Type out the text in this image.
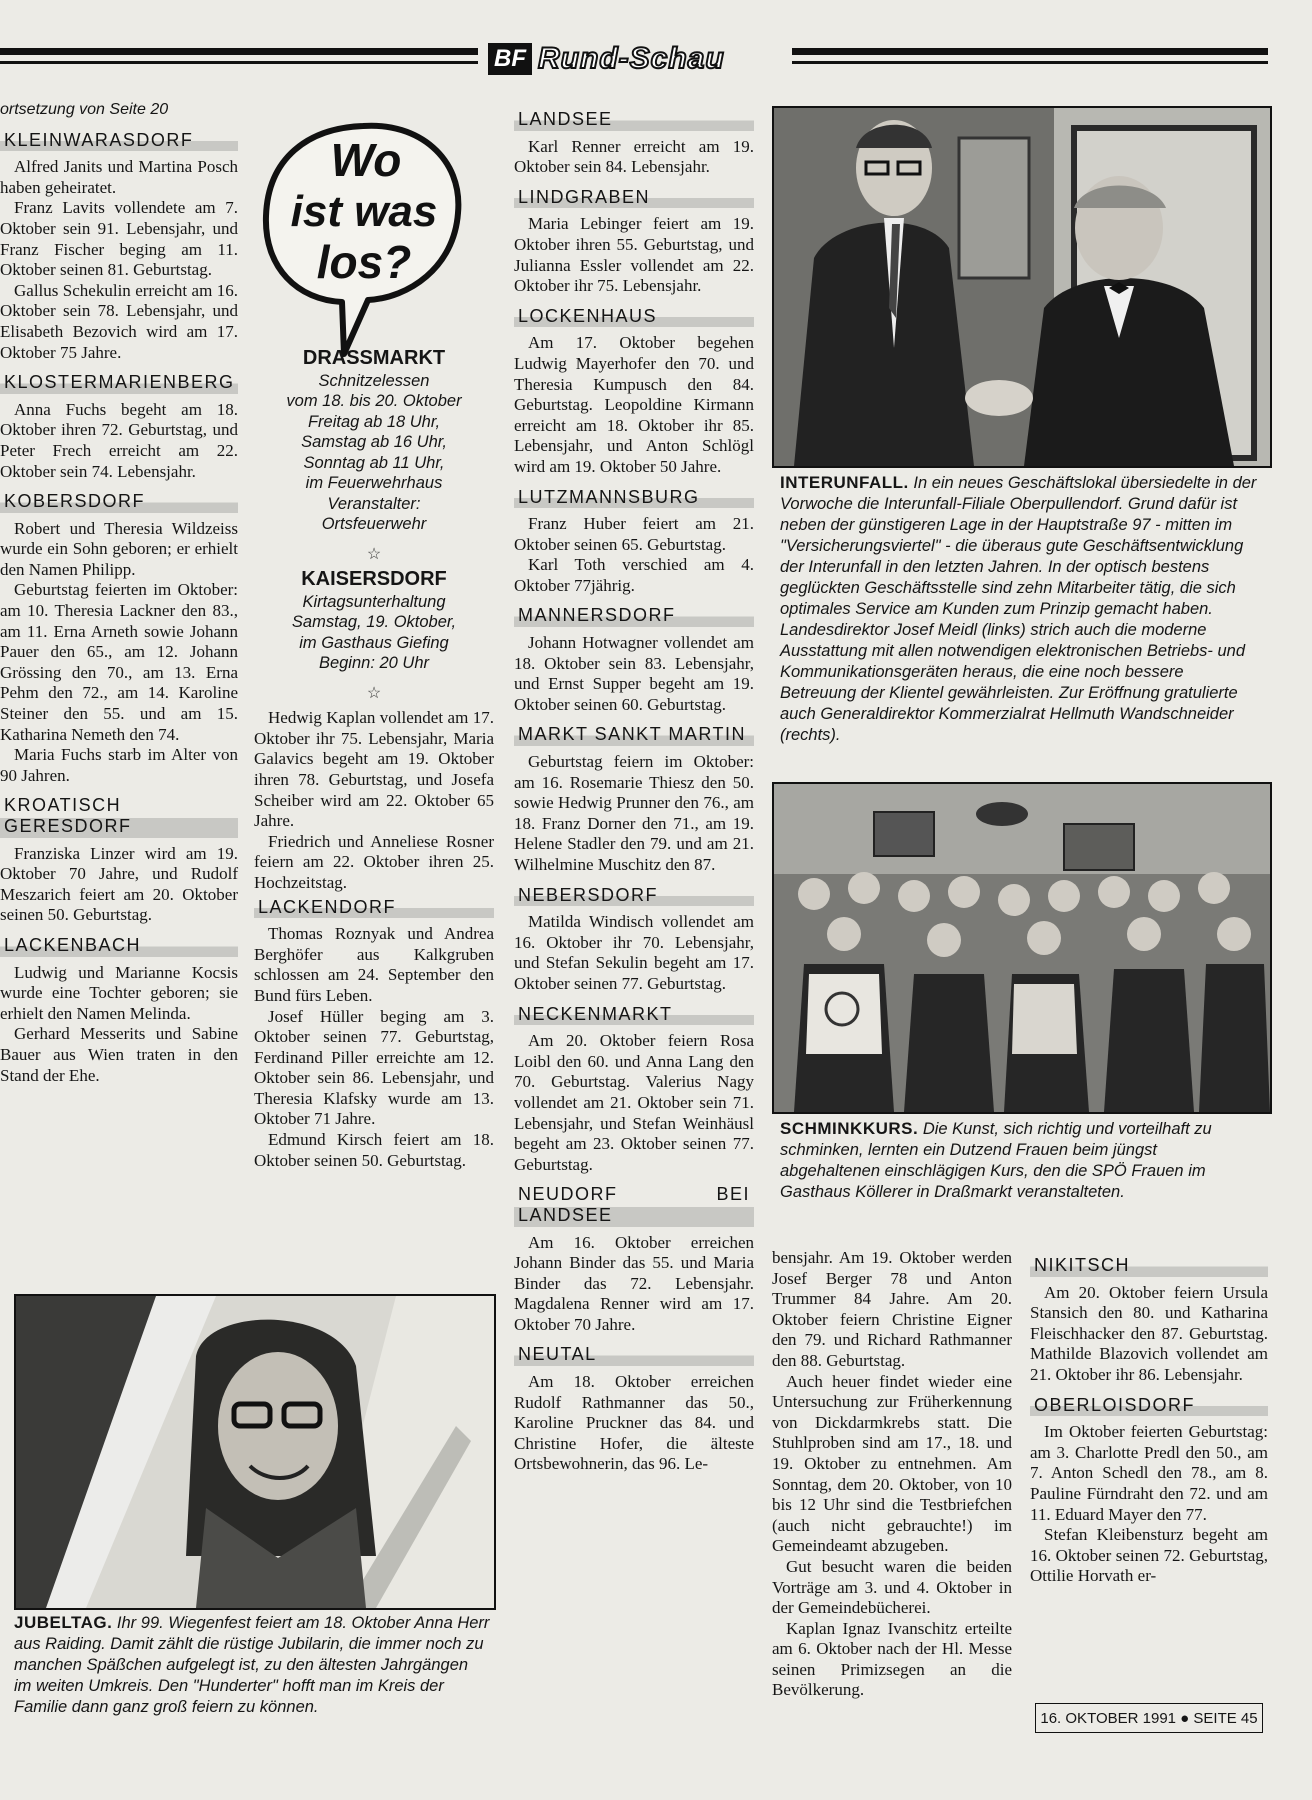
BF Rund-Schau

ortsetzung von Seite 20

KLEINWARASDORF

Alfred Janits und Martina Posch haben geheiratet.

Franz Lavits vollendete am 7. Oktober sein 91. Lebensjahr, und Franz Fischer beging am 11. Oktober seinen 81. Geburtstag.

Gallus Schekulin erreicht am 16. Oktober sein 78. Lebensjahr, und Elisabeth Bezovich wird am 17. Oktober 75 Jahre.

KLOSTERMARIENBERG

Anna Fuchs begeht am 18. Oktober ihren 72. Geburtstag, und Peter Frech erreicht am 22. Oktober sein 74. Lebensjahr.

KOBERSDORF

Robert und Theresia Wildzeiss wurde ein Sohn geboren; er erhielt den Namen Philipp.

Geburtstag feierten im Oktober: am 10. Theresia Lackner den 83., am 11. Erna Arneth sowie Johann Pauer den 65., am 12. Johann Grössing den 70., am 13. Erna Pehm den 72., am 14. Karoline Steiner den 55. und am 15. Katharina Nemeth den 74.

Maria Fuchs starb im Alter von 90 Jahren.

KROATISCH GERESDORF

Franziska Linzer wird am 19. Oktober 70 Jahre, und Rudolf Meszarich feiert am 20. Oktober seinen 50. Geburtstag.

LACKENBACH

Ludwig und Marianne Kocsis wurde eine Tochter geboren; sie erhielt den Namen Melinda.

Gerhard Messerits und Sabine Bauer aus Wien traten in den Stand der Ehe.

Wo
ist was
los?
DRASSMARKT
Schnitzelessen
vom 18. bis 20. Oktober
Freitag ab 18 Uhr,
Samstag ab 16 Uhr,
Sonntag ab 11 Uhr,
im Feuerwehrhaus
Veranstalter:
Ortsfeuerwehr
☆
KAISERSDORF
Kirtagsunterhaltung
Samstag, 19. Oktober,
im Gasthaus Giefing
Beginn: 20 Uhr
☆

Hedwig Kaplan vollendet am 17. Oktober ihr 75. Lebensjahr, Maria Galavics begeht am 19. Oktober ihren 78. Geburtstag, und Josefa Scheiber wird am 22. Oktober 65 Jahre.

Friedrich und Anneliese Rosner feiern am 22. Oktober ihren 25. Hochzeitstag.

LACKENDORF

Thomas Roznyak und Andrea Berghöfer aus Kalkgruben schlossen am 24. September den Bund fürs Leben.

Josef Hüller beging am 3. Oktober seinen 77. Geburtstag, Ferdinand Piller erreichte am 12. Oktober sein 86. Lebensjahr, und Theresia Klafsky wurde am 13. Oktober 71 Jahre.

Edmund Kirsch feiert am 18. Oktober seinen 50. Geburtstag.

LANDSEE

Karl Renner erreicht am 19. Oktober sein 84. Lebensjahr.

LINDGRABEN

Maria Lebinger feiert am 19. Oktober ihren 55. Geburtstag, und Julianna Essler vollendet am 22. Oktober ihr 75. Lebensjahr.

LOCKENHAUS

Am 17. Oktober begehen Ludwig Mayerhofer den 70. und Theresia Kumpusch den 84. Geburtstag. Leopoldine Kirmann erreicht am 18. Oktober ihr 85. Lebensjahr, und Anton Schlögl wird am 19. Oktober 50 Jahre.

LUTZMANNSBURG

Franz Huber feiert am 21. Oktober seinen 65. Geburtstag.

Karl Toth verschied am 4. Oktober 77jährig.

MANNERSDORF

Johann Hotwagner vollendet am 18. Oktober sein 83. Lebensjahr, und Ernst Supper begeht am 19. Oktober seinen 60. Geburtstag.

MARKT SANKT MARTIN

Geburtstag feiern im Oktober: am 16. Rosemarie Thiesz den 50. sowie Hedwig Prunner den 76., am 18. Franz Dorner den 71., am 19. Helene Stadler den 79. und am 21. Wilhelmine Muschitz den 87.

NEBERSDORF

Matilda Windisch vollendet am 16. Oktober ihr 70. Lebensjahr, und Stefan Sekulin begeht am 17. Oktober seinen 77. Geburtstag.

NECKENMARKT

Am 20. Oktober feiern Rosa Loibl den 60. und Anna Lang den 70. Geburtstag. Valerius Nagy vollendet am 21. Oktober sein 71. Lebensjahr, und Stefan Weinhäusl begeht am 23. Oktober seinen 77. Geburtstag.

NEUDORF BEI LANDSEE

Am 16. Oktober erreichen Johann Binder das 55. und Maria Binder das 72. Lebensjahr. Magdalena Renner wird am 17. Oktober 70 Jahre.

NEUTAL

Am 18. Oktober erreichen Rudolf Rathmanner das 50., Karoline Pruckner das 84. und Christine Hofer, die älteste Ortsbewohnerin, das 96. Le-

INTERUNFALL. In ein neues Geschäftslokal übersiedelte in der Vorwoche die Interunfall-Filiale Oberpullendorf. Grund dafür ist neben der günstigeren Lage in der Hauptstraße 97 - mitten im "Versicherungsviertel" - die überaus gute Geschäftsentwicklung der Interunfall in den letzten Jahren. In der optisch bestens geglückten Geschäftsstelle sind zehn Mitarbeiter tätig, die sich optimales Service am Kunden zum Prinzip gemacht haben. Landesdirektor Josef Meidl (links) strich auch die moderne Ausstattung mit allen notwendigen elektronischen Betriebs- und Kommunikationsgeräten heraus, die eine noch bessere Betreuung der Klientel gewährleisten. Zur Eröffnung gratulierte auch Generaldirektor Kommerzialrat Hellmuth Wandschneider (rechts).
SCHMINKKURS. Die Kunst, sich richtig und vorteilhaft zu schminken, lernten ein Dutzend Frauen beim jüngst abgehaltenen einschlägigen Kurs, den die SPÖ Frauen im Gasthaus Köllerer in Draßmarkt veranstalteten.
JUBELTAG. Ihr 99. Wiegenfest feiert am 18. Oktober Anna Herr aus Raiding. Damit zählt die rüstige Jubilarin, die immer noch zu manchen Späßchen aufgelegt ist, zu den ältesten Jahrgängen im weiten Umkreis. Den "Hunderter" hofft man im Kreis der Familie dann ganz groß feiern zu können.

bensjahr. Am 19. Oktober werden Josef Berger 78 und Anton Trummer 84 Jahre. Am 20. Oktober feiern Christine Eigner den 79. und Richard Rathmanner den 88. Geburtstag.

Auch heuer findet wieder eine Untersuchung zur Früherkennung von Dickdarmkrebs statt. Die Stuhlproben sind am 17., 18. und 19. Oktober zu entnehmen. Am Sonntag, dem 20. Oktober, von 10 bis 12 Uhr sind die Testbriefchen (auch nicht gebrauchte!) im Gemeindeamt abzugeben.

Gut besucht waren die beiden Vorträge am 3. und 4. Oktober in der Gemeindebücherei.

Kaplan Ignaz Ivanschitz erteilte am 6. Oktober nach der Hl. Messe seinen Primizsegen an die Bevölkerung.

NIKITSCH

Am 20. Oktober feiern Ursula Stansich den 80. und Katharina Fleischhacker den 87. Geburtstag. Mathilde Blazovich vollendet am 21. Oktober ihr 86. Lebensjahr.

OBERLOISDORF

Im Oktober feierten Geburtstag: am 3. Charlotte Predl den 50., am 7. Anton Schedl den 78., am 8. Pauline Fürndraht den 72. und am 11. Eduard Mayer den 77.

Stefan Kleibensturz begeht am 16. Oktober seinen 72. Geburtstag, Ottilie Horvath er-

16. OKTOBER 1991 ● SEITE 45
